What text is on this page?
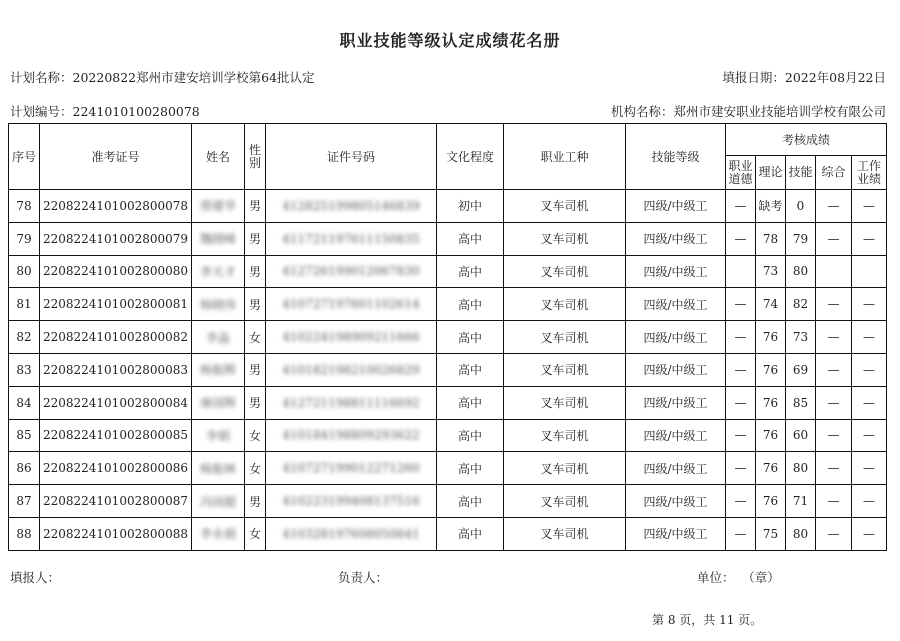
职业技能等级认定成绩花名册
计划名称：20220822郑州市建安培训学校第64批认定	填报日期：2022年08月22日
计划编号：2241010100280078	机构名称：郑州市建安职业技能培训学校有限公司
序号	准考证号	姓名	性别	证件号码	文化程度	职业工种	技能等级	考核成绩				
								职业道德	理论	技能	综合	工作业绩
78	2208224101002800078	邢建华	男	412825199805146839	初中	叉车司机	四级/中级工	—	缺考	0	—	—
79	2208224101002800079	魏晓峰	男	411721197611150835	高中	叉车司机	四级/中级工	—	78	79	—	—
80	2208224101002800080	李天才	男	412726199012067830	高中	叉车司机	四级/中级工		73	80		
81	2208224101002800081	杨晓伟	男	410727197601102614	高中	叉车司机	四级/中级工	—	74	82	—	—
82	2208224101002800082	李晶	女	410224198909211666	高中	叉车司机	四级/中级工	—	76	73	—	—
83	2208224101002800083	杨振辉	男	410182198210026829	高中	叉车司机	四级/中级工	—	76	69	—	—
84	2208224101002800084	康国辉	男	412721198811116692	高中	叉车司机	四级/中级工	—	76	85	—	—
85	2208224101002800085	李娟	女	410184198809293622	高中	叉车司机	四级/中级工	—	76	60	—	—
86	2208224101002800086	杨振林	女	410727199012271260	高中	叉车司机	四级/中级工	—	76	80	—	—
87	2208224101002800087	冯国超	男	410223199408137516	高中	叉车司机	四级/中级工	—	76	71	—	—
88	2208224101002800088	李永娟	女	410328197608050841	高中	叉车司机	四级/中级工	—	75	80	—	—
填报人：	负责人：	单位： （章）
第 8 页，共 11 页。
